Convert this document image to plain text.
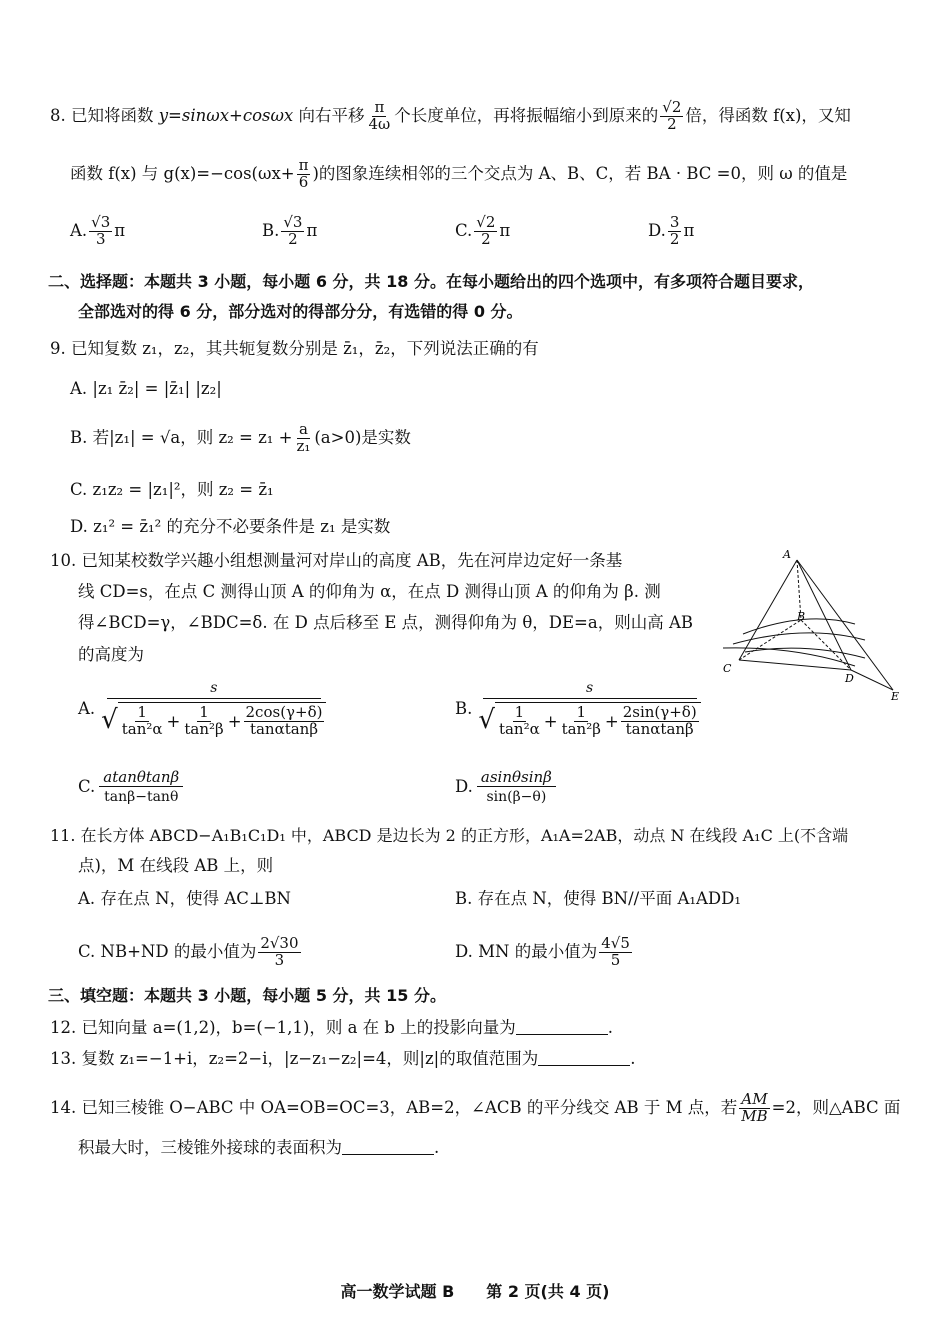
8. 已知将函数 y=sinωx+cosωx 向右平移 $\frac{\pi}{4\omega}$ 个长度单位，再将振幅缩小到原来的 $\frac{√2}{2}$ 倍，得函数 f(x)，又知
函数 f(x) 与 $g(x)=-\cos(\omega x+ \frac{\pi}{6}$ )的图象连续相邻的三个交点为 A、B、C，若 BA · BC =0，则 ω 的值是
A. $\frac{√3}{3}$ π	B. $\frac{√3}{2}$ π	C. $\frac{√2}{2}$ π	D. $\frac{3}{2}$ π
二、选择题：本题共 3 小题，每小题 6 分，共 18 分。在每小题给出的四个选项中，有多项符合题目要求，
全部选对的得 6 分，部分选对的得部分分，有选错的得 0 分。
9. 已知复数 z₁，z₂，其共轭复数分别是 z̄₁，z̄₂，下列说法正确的有
A. |z₁ z̄₂| = |z̄₁| |z₂|
B. 若|z₁| = √a，则 $z_2 = z_1 + \frac{a}{\text{z₁}} (a>0)$是实数
C. z₁z₂ = |z₁|²，则 z₂ = z̄₁
D. z₁² = z̄₁² 的充分不必要条件是 z₁ 是实数
10. 已知某校数学兴趣小组想测量河对岸山的高度 AB，先在河岸边定好一条基
线 CD=s，在点 C 测得山顶 A 的仰角为 α，在点 D 测得山顶 A 的仰角为 β. 测
得∠BCD=γ，∠BDC=δ. 在 D 点后移至 E 点，测得仰角为 θ，DE=a，则山高 AB
的高度为
A
B
C
D
E
A.
s
√ $\frac{1}{\text{tan²α}} + \frac{1}{\text{tan²β}} + \frac{2\cos(\gamma+\delta)}{\tan\alpha\tan\beta}$	B.
s
√ $\frac{1}{\text{tan²α}} + \frac{1}{\text{tan²β}} + \frac{2\sin(\gamma+\delta)}{\tan\alpha\tan\beta}$
C. $\frac{atan\theta\tan\beta}{\tan\beta-\tan\theta}$	D. $\frac{asin\theta\sin\beta}{\sin(\beta-\theta)}$
11. 在长方体 ABCD−A₁B₁C₁D₁ 中，ABCD 是边长为 2 的正方形，A₁A=2AB，动点 N 在线段 A₁C 上(不含端
点)，M 在线段 AB 上，则
A. 存在点 N，使得 AC⊥BN	B. 存在点 N，使得 BN//平面 A₁ADD₁
C. NB+ND 的最小值为 $\frac{2√30}{3}$	D. MN 的最小值为 $\frac{4√5}{5}$
三、填空题：本题共 3 小题，每小题 5 分，共 15 分。
12. 已知向量 a=(1,2)，b=(−1,1)，则 a 在 b 上的投影向量为	.
13. 复数 z₁=−1+i，z₂=2−i，|z−z₁−z₂|=4，则|z|的取值范围为	.
14. 已知三棱锥 O−ABC 中 OA=OB=OC=3，AB=2，∠ACB 的平分线交 AB 于 M 点，若 $\frac{AM}{MB} =2$，则△ABC 面
积最大时，三棱锥外接球的表面积为	.
高一数学试题 B　　第 2 页(共 4 页)
